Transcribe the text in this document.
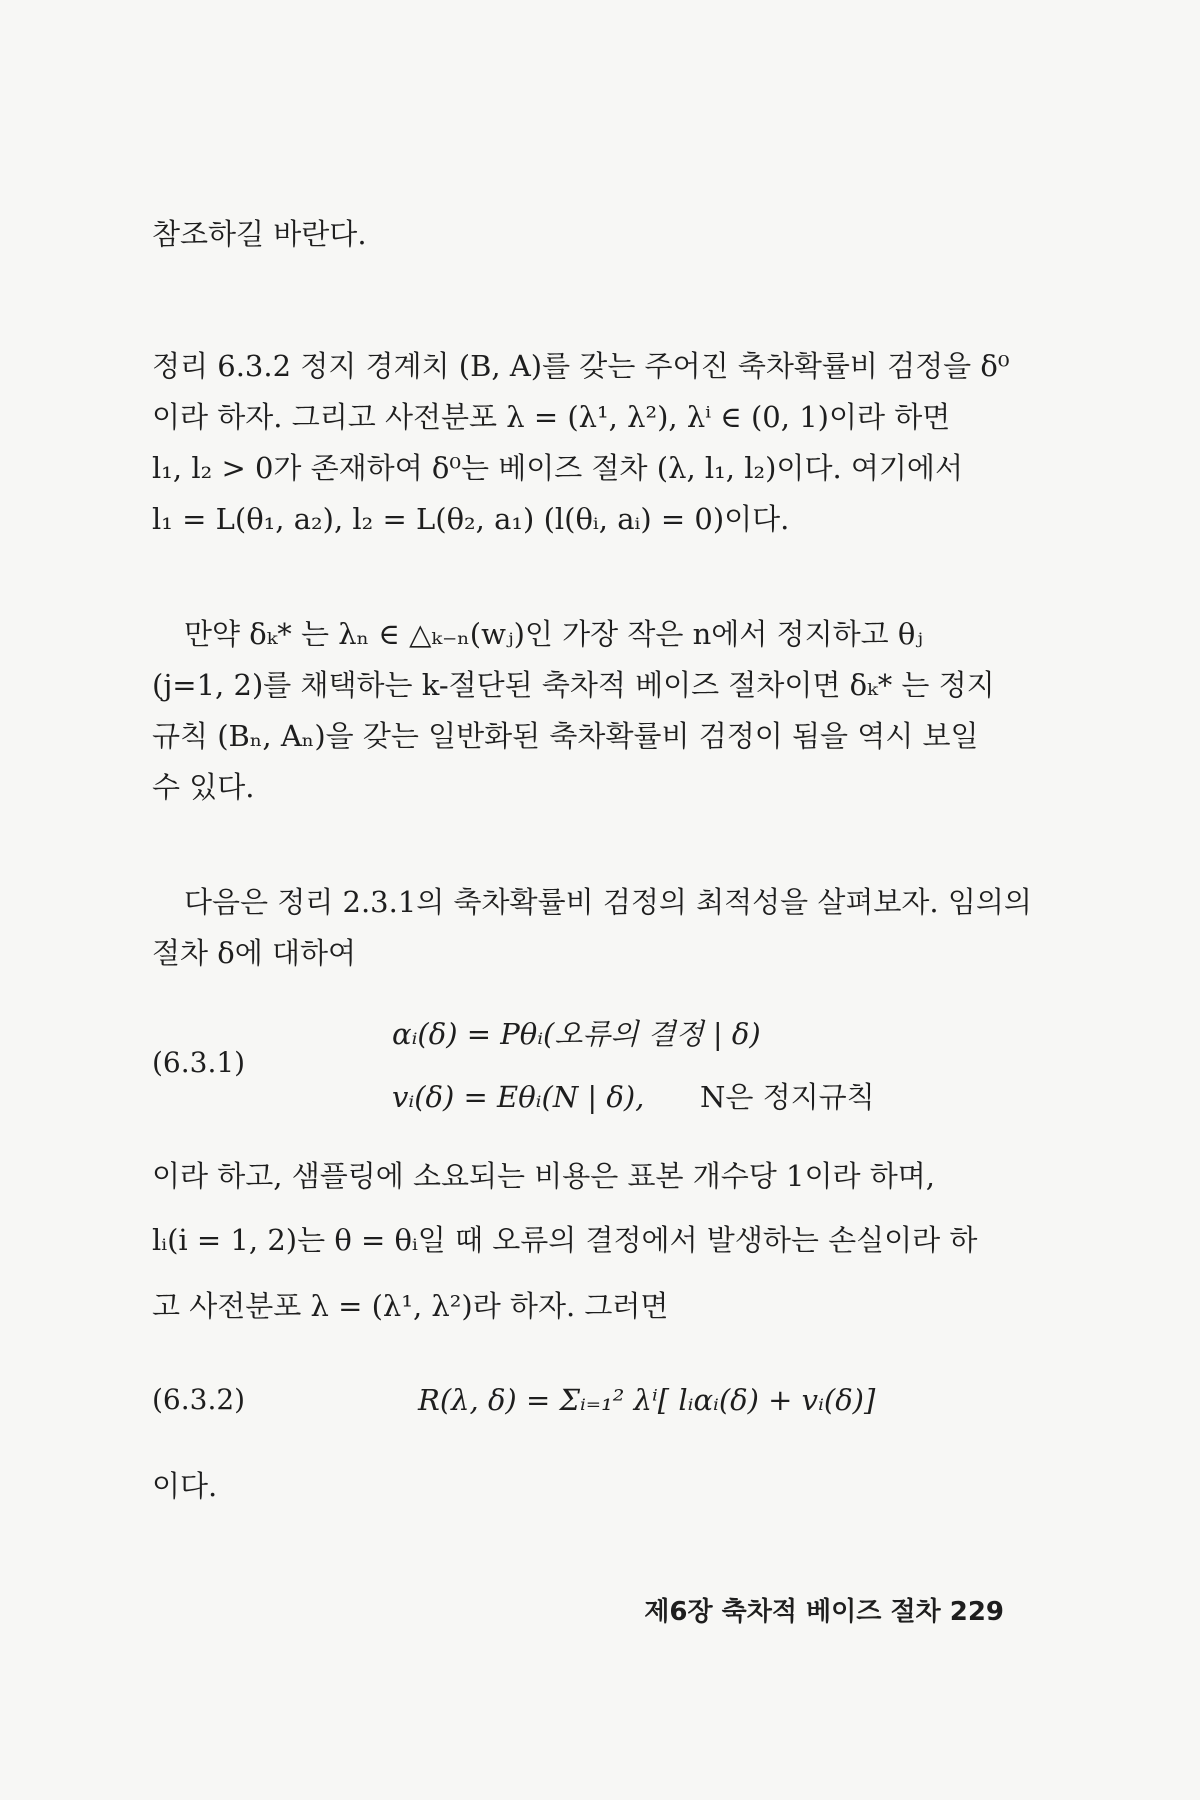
참조하길 바란다.
정리 6.3.2 정지 경계치 (B, A)를 갖는 주어진 축차확률비 검정을 δ⁰
이라 하자. 그리고 사전분포 λ = (λ¹, λ²), λⁱ ∈ (0, 1)이라 하면
l₁, l₂ > 0가 존재하여 δ⁰는 베이즈 절차 (λ, l₁, l₂)이다. 여기에서
l₁ = L(θ₁, a₂), l₂ = L(θ₂, a₁) (l(θᵢ, aᵢ) = 0)이다.
만약 δₖ* 는 λₙ ∈ △ₖ₋ₙ(wⱼ)인 가장 작은 n에서 정지하고 θⱼ
(j=1, 2)를 채택하는 k-절단된 축차적 베이즈 절차이면 δₖ* 는 정지
규칙 (Bₙ, Aₙ)을 갖는 일반화된 축차확률비 검정이 됨을 역시 보일
수 있다.
다음은 정리 2.3.1의 축차확률비 검정의 최적성을 살펴보자. 임의의
절차 δ에 대하여
(6.3.1)
αᵢ(δ) = Pθᵢ(오류의 결정 | δ)
vᵢ(δ) = Eθᵢ(N | δ), N은 정지규칙
이라 하고, 샘플링에 소요되는 비용은 표본 개수당 1이라 하며,
lᵢ(i = 1, 2)는 θ = θᵢ일 때 오류의 결정에서 발생하는 손실이라 하
고 사전분포 λ = (λ¹, λ²)라 하자. 그러면
(6.3.2)	R(λ, δ) = Σᵢ₌₁² λⁱ[ lᵢαᵢ(δ) + vᵢ(δ)]
이다.
제6장 축차적 베이즈 절차 229
